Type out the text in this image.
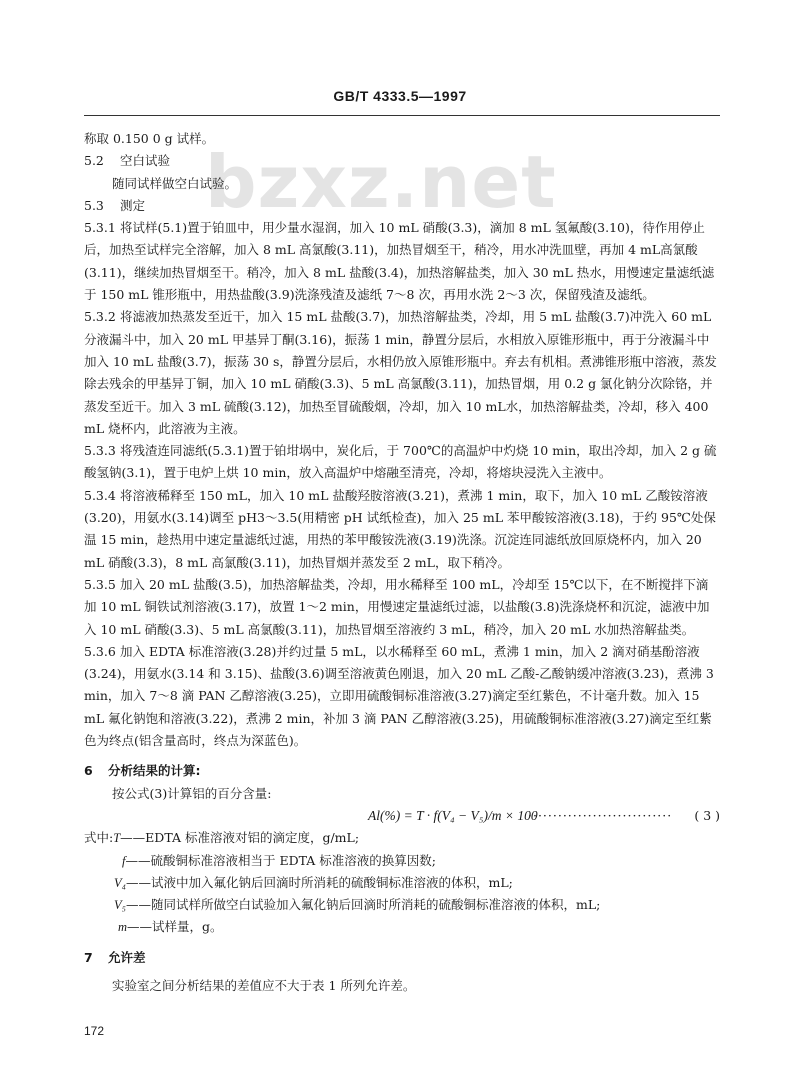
GB/T 4333.5—1997
bzxz.net

称取 0.150 0 g 试样。

5.2 空白试验

随同试样做空白试验。

5.3 测定

5.3.1 将试样(5.1)置于铂皿中，用少量水湿润，加入 10 mL 硝酸(3.3)，滴加 8 mL 氢氟酸(3.10)，待作用停止后，加热至试样完全溶解，加入 8 mL 高氯酸(3.11)，加热冒烟至干，稍冷，用水冲洗皿壁，再加 4 mL高氯酸(3.11)，继续加热冒烟至干。稍冷，加入 8 mL 盐酸(3.4)，加热溶解盐类，加入 30 mL 热水，用慢速定量滤纸滤于 150 mL 锥形瓶中，用热盐酸(3.9)洗涤残渣及滤纸 7～8 次，再用水洗 2～3 次，保留残渣及滤纸。

5.3.2 将滤液加热蒸发至近干，加入 15 mL 盐酸(3.7)，加热溶解盐类，冷却，用 5 mL 盐酸(3.7)冲洗入 60 mL 分液漏斗中，加入 20 mL 甲基异丁酮(3.16)，振荡 1 min，静置分层后，水相放入原锥形瓶中，再于分液漏斗中加入 10 mL 盐酸(3.7)，振荡 30 s，静置分层后，水相仍放入原锥形瓶中。弃去有机相。煮沸锥形瓶中溶液，蒸发除去残余的甲基异丁铜，加入 10 mL 硝酸(3.3)、5 mL 高氯酸(3.11)，加热冒烟，用 0.2 g 氯化钠分次除铬，并蒸发至近干。加入 3 mL 硫酸(3.12)，加热至冒硫酸烟，冷却，加入 10 mL水，加热溶解盐类，冷却，移入 400 mL 烧杯内，此溶液为主液。

5.3.3 将残渣连同滤纸(5.3.1)置于铂坩埚中，炭化后，于 700℃的高温炉中灼烧 10 min，取出冷却，加入 2 g 硫酸氢钠(3.1)，置于电炉上烘 10 min，放入高温炉中熔融至清亮，冷却，将熔块浸洗入主液中。

5.3.4 将溶液稀释至 150 mL，加入 10 mL 盐酸羟胺溶液(3.21)，煮沸 1 min，取下，加入 10 mL 乙酸铵溶液(3.20)，用氨水(3.14)调至 pH3～3.5(用精密 pH 试纸检查)，加入 25 mL 苯甲酸铵溶液(3.18)，于约 95℃处保温 15 min，趁热用中速定量滤纸过滤，用热的苯甲酸铵洗液(3.19)洗涤。沉淀连同滤纸放回原烧杯内，加入 20 mL 硝酸(3.3)，8 mL 高氯酸(3.11)，加热冒烟并蒸发至 2 mL，取下稍冷。

5.3.5 加入 20 mL 盐酸(3.5)，加热溶解盐类，冷却，用水稀释至 100 mL，冷却至 15℃以下，在不断搅拌下滴加 10 mL 铜铁试剂溶液(3.17)，放置 1～2 min，用慢速定量滤纸过滤，以盐酸(3.8)洗涤烧杯和沉淀，滤液中加入 10 mL 硝酸(3.3)、5 mL 高氯酸(3.11)，加热冒烟至溶液约 3 mL，稍冷，加入 20 mL 水加热溶解盐类。

5.3.6 加入 EDTA 标准溶液(3.28)并约过量 5 mL，以水稀释至 60 mL，煮沸 1 min，加入 2 滴对硝基酚溶液(3.24)，用氨水(3.14 和 3.15)、盐酸(3.6)调至溶液黄色刚退，加入 20 mL 乙酸-乙酸钠缓冲溶液(3.23)，煮沸 3 min，加入 7～8 滴 PAN 乙醇溶液(3.25)，立即用硫酸铜标准溶液(3.27)滴定至红紫色，不计毫升数。加入 15 mL 氟化钠饱和溶液(3.22)，煮沸 2 min，补加 3 滴 PAN 乙醇溶液(3.25)，用硫酸铜标准溶液(3.27)滴定至红紫色为终点(铝含量高时，终点为深蓝色)。

6 分析结果的计算:

按公式(3)计算铝的百分含量:

Al(%) = T · f(V₄ − V₅)/m × 100
····························· ( 3 )

式中:T——EDTA 标准溶液对铝的滴定度，g/mL;

f——硫酸铜标准溶液相当于 EDTA 标准溶液的换算因数;

V₄——试液中加入氟化钠后回滴时所消耗的硫酸铜标准溶液的体积，mL;

V₅——随同试样所做空白试验加入氟化钠后回滴时所消耗的硫酸铜标准溶液的体积，mL;

m——试样量，g。

7 允许差

实验室之间分析结果的差值应不大于表 1 所列允许差。

172
